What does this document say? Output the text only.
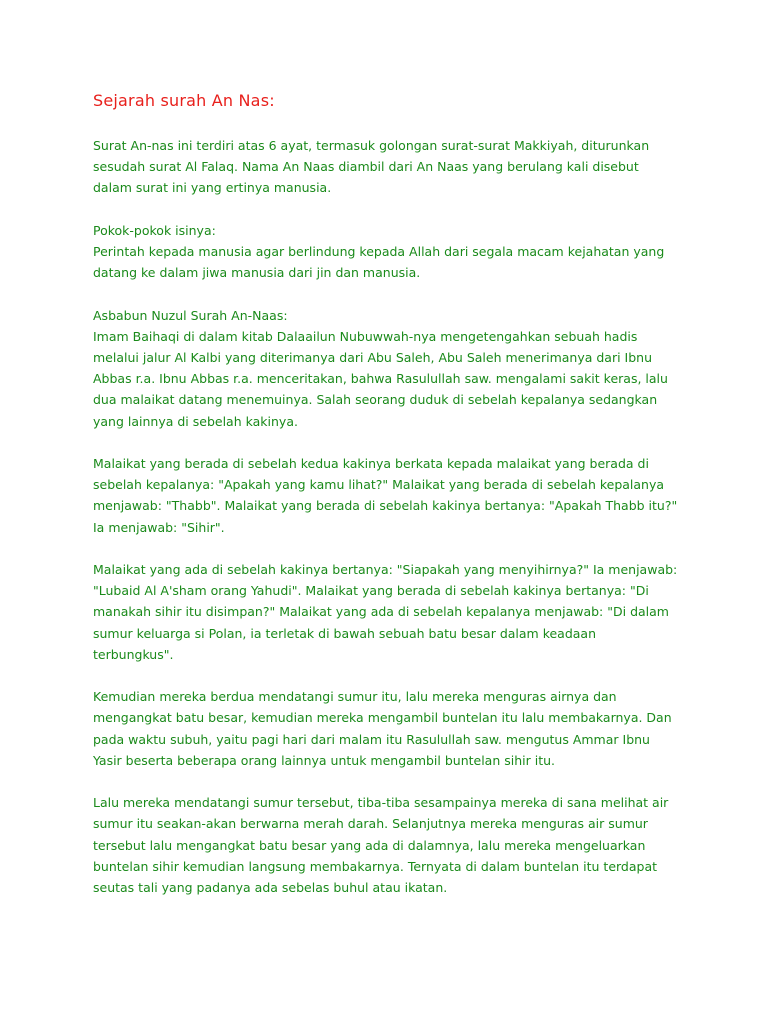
Sejarah surah An Nas:
Surat An-nas ini terdiri atas 6 ayat, termasuk golongan surat-surat Makkiyah, diturunkan
sesudah surat Al Falaq. Nama An Naas diambil dari An Naas yang berulang kali disebut
dalam surat ini yang ertinya manusia.
Pokok-pokok isinya:
Perintah kepada manusia agar berlindung kepada Allah dari segala macam kejahatan yang
datang ke dalam jiwa manusia dari jin dan manusia.
Asbabun Nuzul Surah An-Naas:
Imam Baihaqi di dalam kitab Dalaailun Nubuwwah-nya mengetengahkan sebuah hadis
melalui jalur Al Kalbi yang diterimanya dari Abu Saleh, Abu Saleh menerimanya dari Ibnu
Abbas r.a. Ibnu Abbas r.a. menceritakan, bahwa Rasulullah saw. mengalami sakit keras, lalu
dua malaikat datang menemuinya. Salah seorang duduk di sebelah kepalanya sedangkan
yang lainnya di sebelah kakinya.
Malaikat yang berada di sebelah kedua kakinya berkata kepada malaikat yang berada di
sebelah kepalanya: "Apakah yang kamu lihat?" Malaikat yang berada di sebelah kepalanya
menjawab: "Thabb". Malaikat yang berada di sebelah kakinya bertanya: "Apakah Thabb itu?"
Ia menjawab: "Sihir".
Malaikat yang ada di sebelah kakinya bertanya: "Siapakah yang menyihirnya?" Ia menjawab:
"Lubaid Al A'sham orang Yahudi". Malaikat yang berada di sebelah kakinya bertanya: "Di
manakah sihir itu disimpan?" Malaikat yang ada di sebelah kepalanya menjawab: "Di dalam
sumur keluarga si Polan, ia terletak di bawah sebuah batu besar dalam keadaan
terbungkus".
Kemudian mereka berdua mendatangi sumur itu, lalu mereka menguras airnya dan
mengangkat batu besar, kemudian mereka mengambil buntelan itu lalu membakarnya. Dan
pada waktu subuh, yaitu pagi hari dari malam itu Rasulullah saw. mengutus Ammar Ibnu
Yasir beserta beberapa orang lainnya untuk mengambil buntelan sihir itu.
Lalu mereka mendatangi sumur tersebut, tiba-tiba sesampainya mereka di sana melihat air
sumur itu seakan-akan berwarna merah darah. Selanjutnya mereka menguras air sumur
tersebut lalu mengangkat batu besar yang ada di dalamnya, lalu mereka mengeluarkan
buntelan sihir kemudian langsung membakarnya. Ternyata di dalam buntelan itu terdapat
seutas tali yang padanya ada sebelas buhul atau ikatan.
